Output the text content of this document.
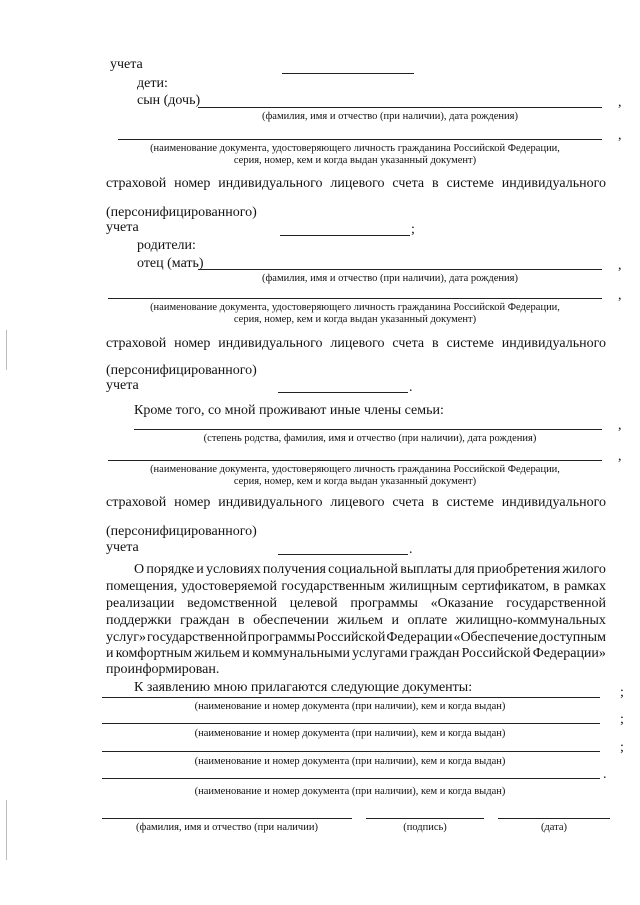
учета
дети:
сын (дочь)	,
(фамилия, имя и отчество (при наличии), дата рождения)
,
(наименование документа, удостоверяющего личность гражданина Российской Федерации,
серия, номер, кем и когда выдан указанный документ)
страховой номер индивидуального лицевого счета в системе индивидуального
(персонифицированного)
учета	;
родители:
отец (мать)	,
(фамилия, имя и отчество (при наличии), дата рождения)
,
(наименование документа, удостоверяющего личность гражданина Российской Федерации,
серия, номер, кем и когда выдан указанный документ)
страховой номер индивидуального лицевого счета в системе индивидуального
(персонифицированного)
учета	.
Кроме того, со мной проживают иные члены семьи:
,
(степень родства, фамилия, имя и отчество (при наличии), дата рождения)
,
(наименование документа, удостоверяющего личность гражданина Российской Федерации,
серия, номер, кем и когда выдан указанный документ)
страховой номер индивидуального лицевого счета в системе индивидуального
(персонифицированного)
учета	.
О порядке и условиях получения социальной выплаты для приобретения жилого
помещения, удостоверяемой государственным жилищным сертификатом, в рамках
реализации ведомственной целевой программы «Оказание государственной
поддержки граждан в обеспечении жильем и оплате жилищно-коммунальных
услуг» государственной программы Российской Федерации «Обеспечение доступным
и комфортным жильем и коммунальными услугами граждан Российской Федерации»
проинформирован.
К заявлению мною прилагаются следующие документы:	;
(наименование и номер документа (при наличии), кем и когда выдан)
;
(наименование и номер документа (при наличии), кем и когда выдан)
;
(наименование и номер документа (при наличии), кем и когда выдан)
.
(наименование и номер документа (при наличии), кем и когда выдан)
(фамилия, имя и отчество (при наличии)	(подпись)	(дата)
